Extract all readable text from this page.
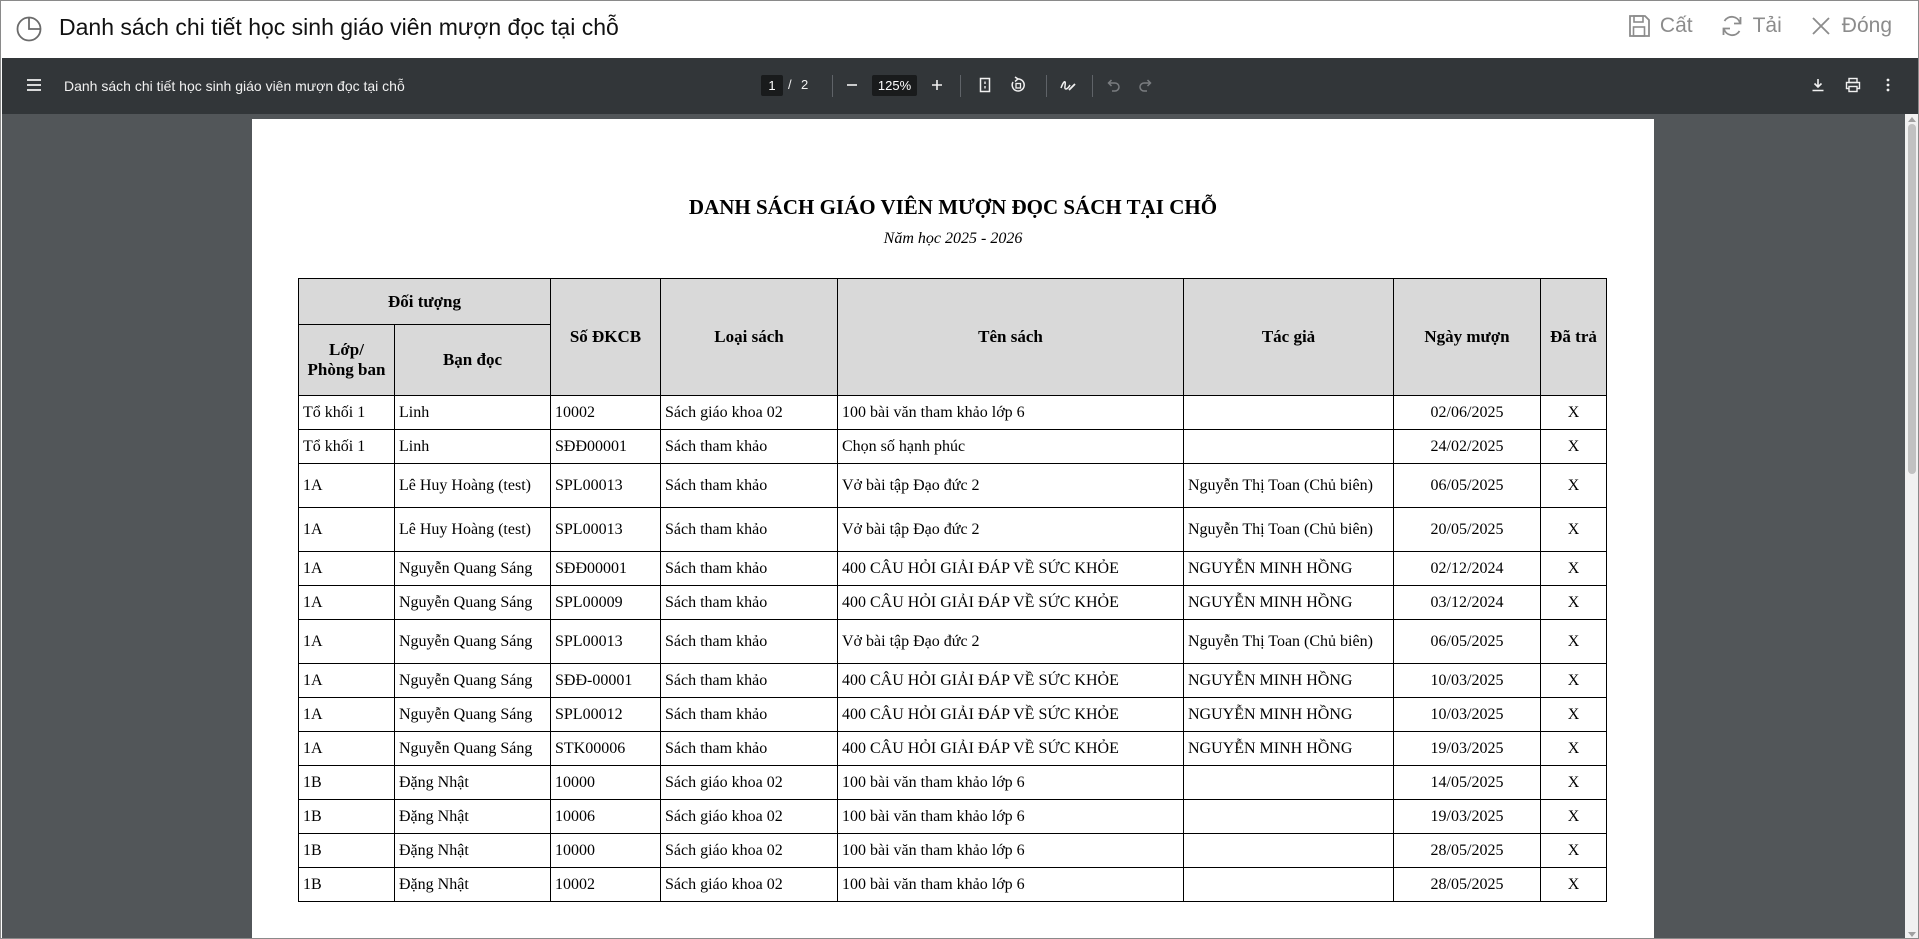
Danh sách chi tiết học sinh giáo viên mượn đọc tại chỗ	Cất	Tải	Đóng
Danh sách chi tiết học sinh giáo viên mượn đọc tại chỗ	1 / 2	125%
DANH SÁCH GIÁO VIÊN MƯỢN ĐỌC SÁCH TẠI CHỖ
Năm học 2025 - 2026
Đối tượng		Số ĐKCB	Loại sách	Tên sách	Tác giả	Ngày mượn	Đã trả
Lớp/ Phòng ban	Bạn đọc						
Tổ khối 1	Linh	10002	Sách giáo khoa 02	100 bài văn tham khảo lớp 6		02/06/2025	X
Tổ khối 1	Linh	SĐĐ00001	Sách tham khảo	Chọn số hạnh phúc		24/02/2025	X
1A	Lê Huy Hoàng (test)	SPL00013	Sách tham khảo	Vở bài tập Đạo đức 2	Nguyễn Thị Toan (Chủ biên)	06/05/2025	X
1A	Lê Huy Hoàng (test)	SPL00013	Sách tham khảo	Vở bài tập Đạo đức 2	Nguyễn Thị Toan (Chủ biên)	20/05/2025	X
1A	Nguyễn Quang Sáng	SĐĐ00001	Sách tham khảo	400 CÂU HỎI GIẢI ĐÁP VỀ SỨC KHỎE	NGUYỄN MINH HỒNG	02/12/2024	X
1A	Nguyễn Quang Sáng	SPL00009	Sách tham khảo	400 CÂU HỎI GIẢI ĐÁP VỀ SỨC KHỎE	NGUYỄN MINH HỒNG	03/12/2024	X
1A	Nguyễn Quang Sáng	SPL00013	Sách tham khảo	Vở bài tập Đạo đức 2	Nguyễn Thị Toan (Chủ biên)	06/05/2025	X
1A	Nguyễn Quang Sáng	SĐĐ-00001	Sách tham khảo	400 CÂU HỎI GIẢI ĐÁP VỀ SỨC KHỎE	NGUYỄN MINH HỒNG	10/03/2025	X
1A	Nguyễn Quang Sáng	SPL00012	Sách tham khảo	400 CÂU HỎI GIẢI ĐÁP VỀ SỨC KHỎE	NGUYỄN MINH HỒNG	10/03/2025	X
1A	Nguyễn Quang Sáng	STK00006	Sách tham khảo	400 CÂU HỎI GIẢI ĐÁP VỀ SỨC KHỎE	NGUYỄN MINH HỒNG	19/03/2025	X
1B	Đặng Nhật	10000	Sách giáo khoa 02	100 bài văn tham khảo lớp 6		14/05/2025	X
1B	Đặng Nhật	10006	Sách giáo khoa 02	100 bài văn tham khảo lớp 6		19/03/2025	X
1B	Đặng Nhật	10000	Sách giáo khoa 02	100 bài văn tham khảo lớp 6		28/05/2025	X
1B	Đặng Nhật	10002	Sách giáo khoa 02	100 bài văn tham khảo lớp 6		28/05/2025	X
